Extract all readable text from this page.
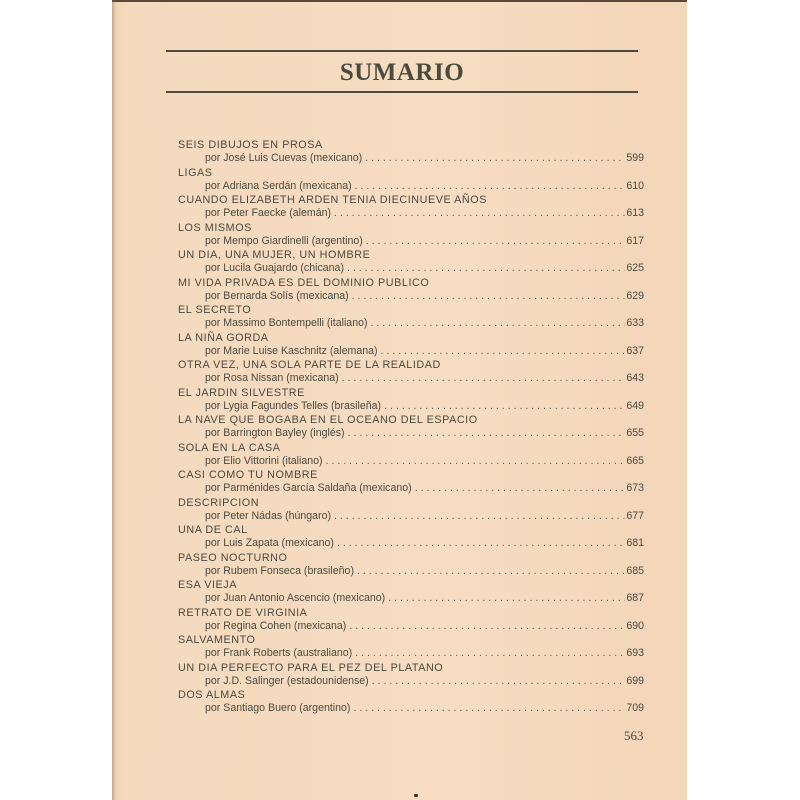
SUMARIO
SEIS DIBUJOS EN PROSA
por José Luis Cuevas (mexicano) . . .	599
LIGAS
por Adriana Serdán (mexicana) . . .	610
CUANDO ELIZABETH ARDEN TENIA DIECINUEVE AÑOS
por Peter Faecke (alemán) . . .	613
LOS MISMOS
por Mempo Giardinelli (argentino) . . .	617
UN DIA, UNA MUJER, UN HOMBRE
por Lucila Guajardo (chicana) . . .	625
MI VIDA PRIVADA ES DEL DOMINIO PUBLICO
por Bernarda Solís (mexicana) . . .	629
EL SECRETO
por Massimo Bontempelli (italiano) . . .	633
LA NIÑA GORDA
por Marie Luise Kaschnitz (alemana) . . .	637
OTRA VEZ, UNA SOLA PARTE DE LA REALIDAD
por Rosa Nissan (mexicana) . . .	643
EL JARDIN SILVESTRE
por Lygia Fagundes Telles (brasileña) . . .	649
LA NAVE QUE BOGABA EN EL OCEANO DEL ESPACIO
por Barrington Bayley (inglés) . . .	655
SOLA EN LA CASA
por Elio Vittorini (italiano) . . .	665
CASI COMO TU NOMBRE
por Parménides García Saldaña (mexicano) . . .	673
DESCRIPCION
por Peter Nádas (húngaro) . . .	677
UNA DE CAL
por Luis Zapata (mexicano) . . .	681
PASEO NOCTURNO
por Rubem Fonseca (brasileño) . . .	685
ESA VIEJA
por Juan Antonio Ascencio (mexicano) . . .	687
RETRATO DE VIRGINIA
por Regina Cohen (mexicana) . . .	690
SALVAMENTO
por Frank Roberts (australiano) . . .	693
UN DIA PERFECTO PARA EL PEZ DEL PLATANO
por J.D. Salinger (estadounidense) . . .	699
DOS ALMAS
por Santiago Buero (argentino) . . .	709
563
